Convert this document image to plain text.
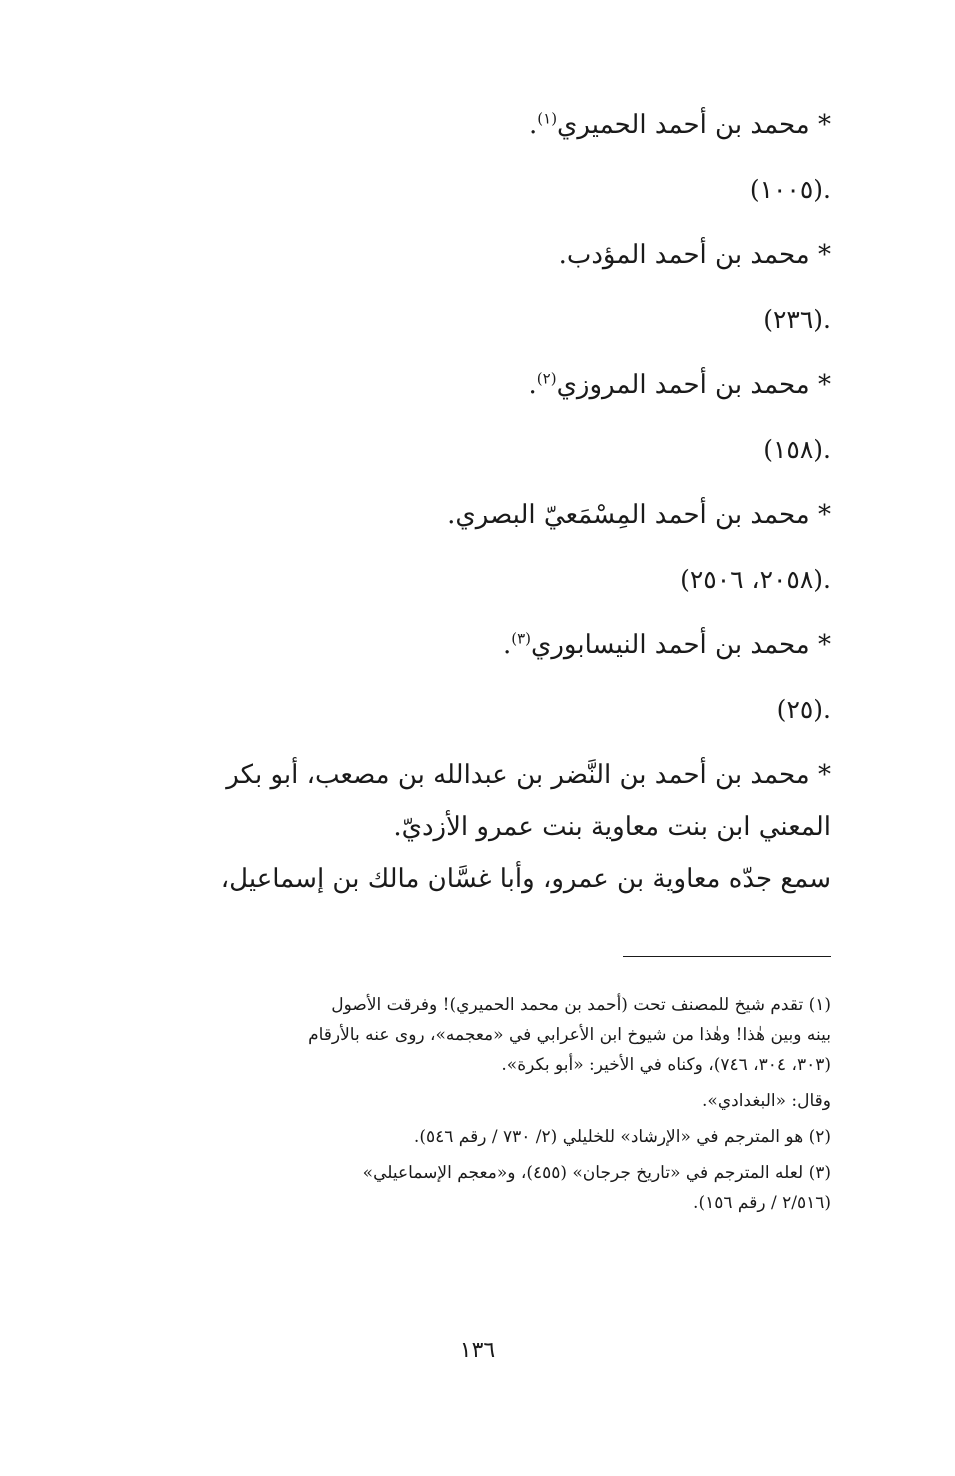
* محمد بن أحمد الحميري$^{(١)}$.
.(١٠٠٥)
* محمد بن أحمد المؤدب.
.(٢٣٦)
* محمد بن أحمد المروزي$^{(٢)}$.
.(١٥٨)
* محمد بن أحمد المِسْمَعيّ البصري.
.(٢٠٥٨، ٢٥٠٦)
* محمد بن أحمد النيسابوري$^{(٣)}$.
.(٢٥)
* محمد بن أحمد بن النَّضر بن عبدالله بن مصعب، أبو بكر
المعني ابن بنت معاوية بنت عمرو الأزديّ.
سمع جدّه معاوية بن عمرو، وأبا غسَّان مالك بن إسماعيل،
(١) تقدم شيخ للمصنف تحت (أحمد بن محمد الحميري)! وفرقت الأصول
بينه وبين هٰذا! وهٰذا من شيوخ ابن الأعرابي في «معجمه»، روى عنه بالأرقام
(٣٠٣، ٣٠٤، ٧٤٦)، وكناه في الأخير: «أبو بكرة».
وقال: «البغدادي».
(٢) هو المترجم في «الإرشاد» للخليلي (٢/ ٧٣٠ / رقم ٥٤٦).
(٣) لعله المترجم في «تاريخ جرجان» (٤٥٥)، و«معجم الإسماعيلي»
(٢/٥١٦ / رقم ١٥٦).
١٣٦
